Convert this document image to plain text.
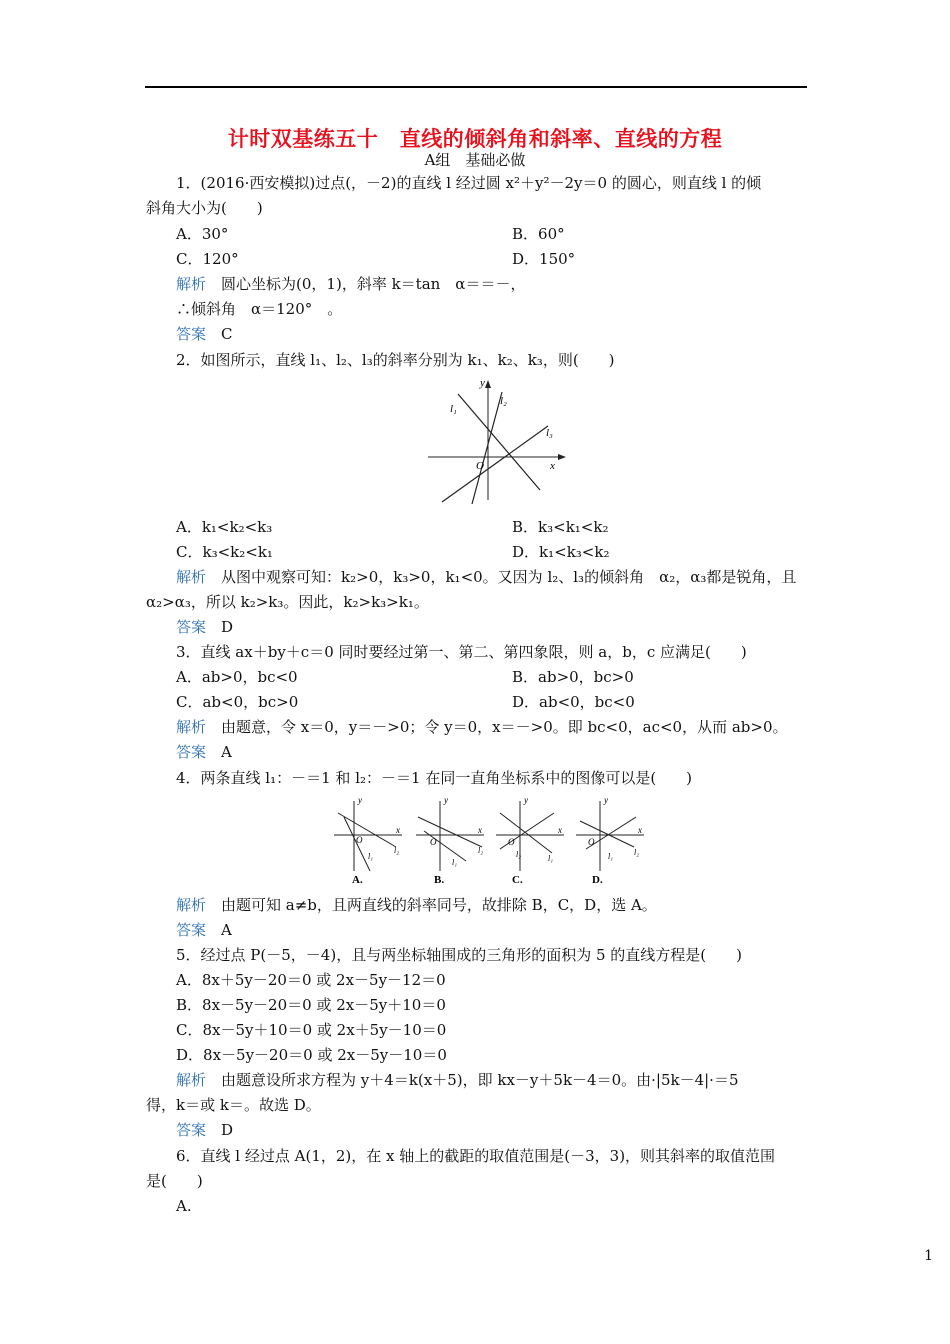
计时双基练五十　直线的倾斜角和斜率、直线的方程
A组　基础必做
1．(2016·西安模拟)过点(，－2)的直线 l 经过圆 x²＋y²－2y＝0 的圆心，则直线 l 的倾
斜角大小为(　　)
A．30°	B．60°
C．120°	D．150°
解析　 圆心坐标为(0，1)，斜率 k＝tan　α＝＝－，
∴倾斜角　α＝120°　。
答案　 C
2．如图所示，直线 l₁、l₂、l₃的斜率分别为 k₁、k₂、k₃，则(　　)
y
x
O
l₁
l₂
l₃
A．k₁<k₂<k₃	B．k₃<k₁<k₂
C．k₃<k₂<k₁	D．k₁<k₃<k₂
解析　 从图中观察可知：k₂>0，k₃>0，k₁<0。又因为 l₂、l₃的倾斜角　α₂，α₃都是锐角，且
α₂>α₃，所以 k₂>k₃。因此，k₂>k₃>k₁。
答案　 D
3．直线 ax＋by＋c＝0 同时要经过第一、第二、第四象限，则 a，b，c 应满足(　　)
A．ab>0，bc<0	B．ab>0，bc>0
C．ab<0，bc>0	D．ab<0，bc<0
解析　 由题意，令 x＝0，y＝－>0；令 y＝0，x＝－>0。即 bc<0，ac<0，从而 ab>0。
答案　 A
4．两条直线 l₁：－＝1 和 l₂：－＝1 在同一直角坐标系中的图像可以是(　　)
y
x
O
l₁
l₂
A.
y
x
O
l₁
l₂
B.
y
x
O
l₁
l₂
C.
y
x
O
l₁	l₂
D.
解析　 由题可知 a≠b，且两直线的斜率同号，故排除 B，C，D，选 A。
答案　 A
5．经过点 P(－5，－4)，且与两坐标轴围成的三角形的面积为 5 的直线方程是(　　)
A．8x＋5y－20＝0 或 2x－5y－12＝0
B．8x－5y－20＝0 或 2x－5y＋10＝0
C．8x－5y＋10＝0 或 2x＋5y－10＝0
D．8x－5y－20＝0 或 2x－5y－10＝0
解析　 由题意设所求方程为 y＋4＝k(x＋5)，即 kx－y＋5k－4＝0。由·|5k－4|·＝5
得，k＝或 k＝。故选 D。
答案　 D
6．直线 l 经过点 A(1，2)，在 x 轴上的截距的取值范围是(－3，3)，则其斜率的取值范围
是(　　)
A.
1
